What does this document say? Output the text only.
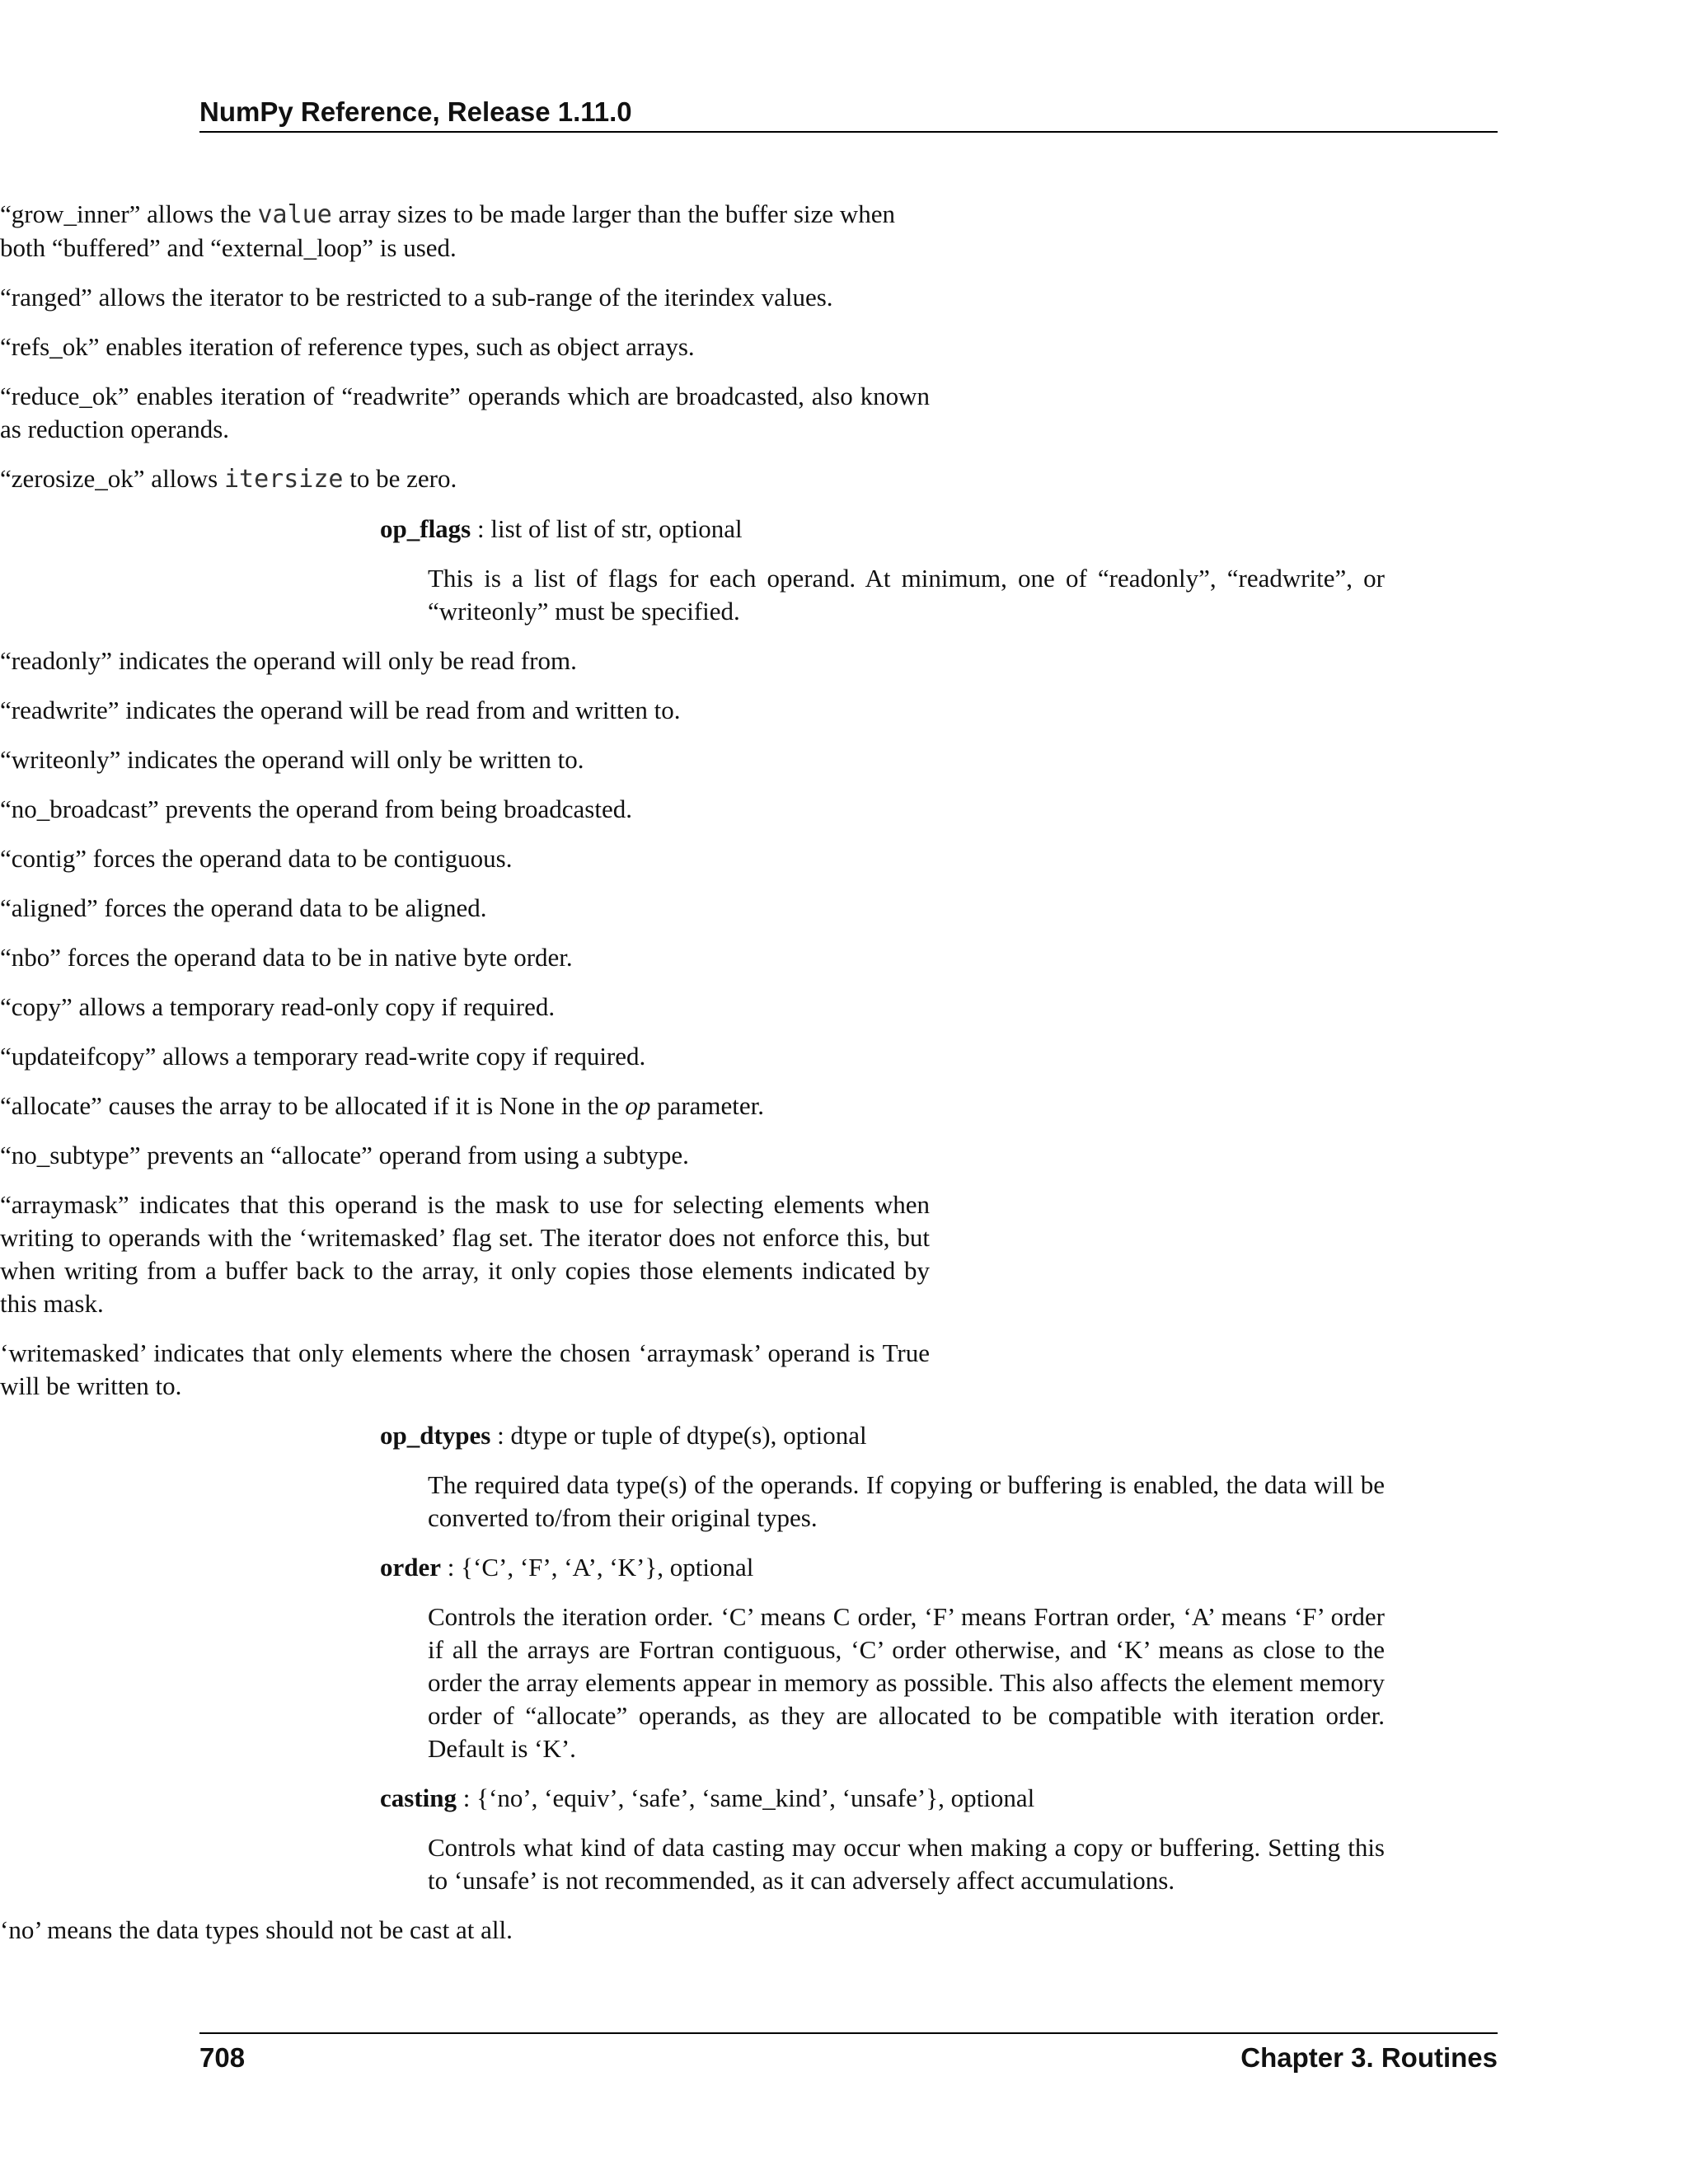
NumPy Reference, Release 1.11.0
• “grow_inner” allows the value array sizes to be made larger than the buffer size when both “buffered” and “external_loop” is used.
• “ranged” allows the iterator to be restricted to a sub-range of the iterindex values.
• “refs_ok” enables iteration of reference types, such as object arrays.
• “reduce_ok” enables iteration of “readwrite” operands which are broadcasted, also known as reduction operands.
• “zerosize_ok” allows itersize to be zero.
op_flags : list of list of str, optional
This is a list of flags for each operand. At minimum, one of “readonly”, “readwrite”, or “writeonly” must be specified.
• “readonly” indicates the operand will only be read from.
• “readwrite” indicates the operand will be read from and written to.
• “writeonly” indicates the operand will only be written to.
• “no_broadcast” prevents the operand from being broadcasted.
• “contig” forces the operand data to be contiguous.
• “aligned” forces the operand data to be aligned.
• “nbo” forces the operand data to be in native byte order.
• “copy” allows a temporary read-only copy if required.
• “updateifcopy” allows a temporary read-write copy if required.
• “allocate” causes the array to be allocated if it is None in the op parameter.
• “no_subtype” prevents an “allocate” operand from using a subtype.
• “arraymask” indicates that this operand is the mask to use for selecting elements when writing to operands with the ‘writemasked’ flag set. The iterator does not enforce this, but when writing from a buffer back to the array, it only copies those elements indicated by this mask.
• ‘writemasked’ indicates that only elements where the chosen ‘arraymask’ operand is True will be written to.
op_dtypes : dtype or tuple of dtype(s), optional
The required data type(s) of the operands. If copying or buffering is enabled, the data will be converted to/from their original types.
order : {‘C’, ‘F’, ‘A’, ‘K’}, optional
Controls the iteration order. ‘C’ means C order, ‘F’ means Fortran order, ‘A’ means ‘F’ order if all the arrays are Fortran contiguous, ‘C’ order otherwise, and ‘K’ means as close to the order the array elements appear in memory as possible. This also affects the element memory order of “allocate” operands, as they are allocated to be compatible with iteration order. Default is ‘K’.
casting : {‘no’, ‘equiv’, ‘safe’, ‘same_kind’, ‘unsafe’}, optional
Controls what kind of data casting may occur when making a copy or buffering. Setting this to ‘unsafe’ is not recommended, as it can adversely affect accumulations.
• ‘no’ means the data types should not be cast at all.
708	Chapter 3. Routines
